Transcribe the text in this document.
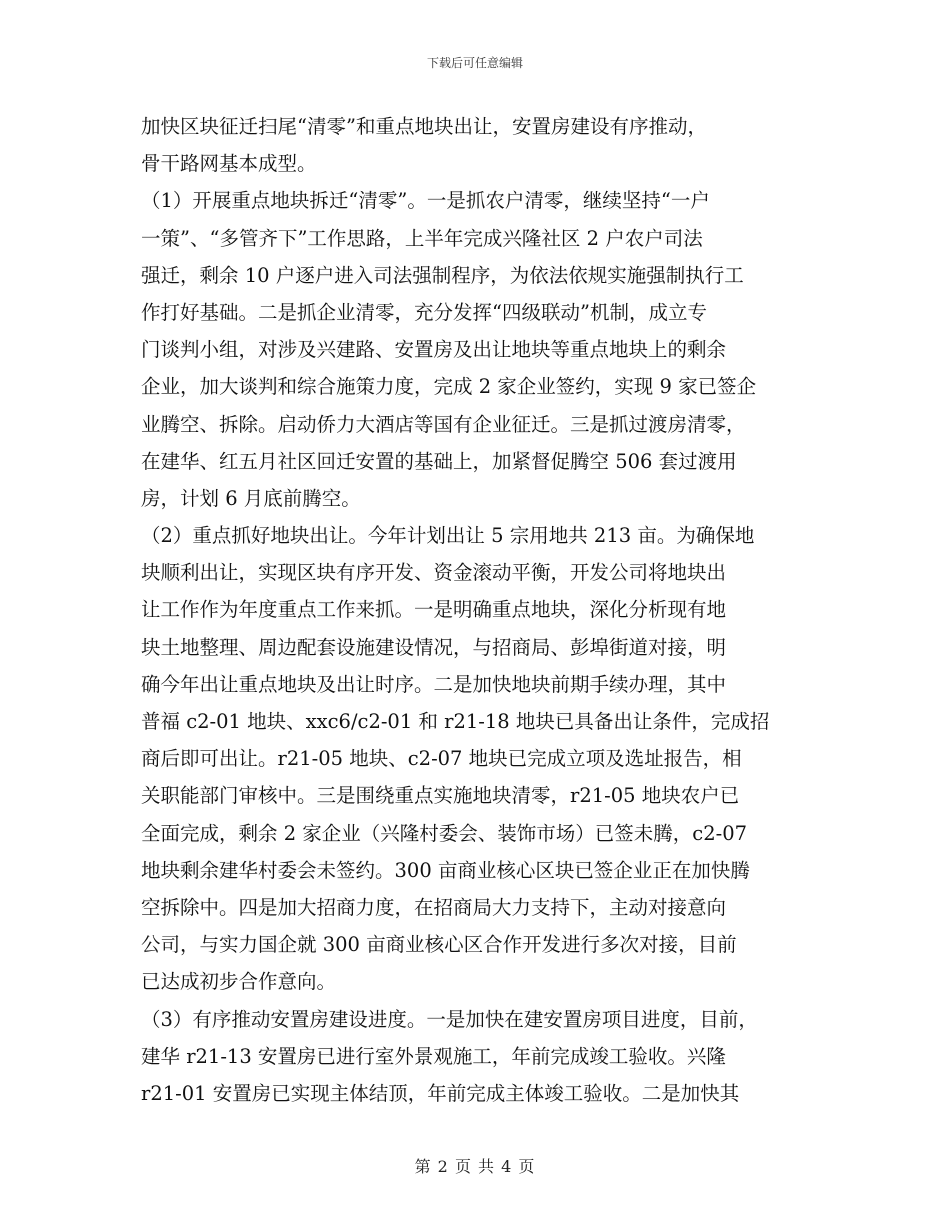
下载后可任意编辑
加快区块征迁扫尾“清零”和重点地块出让，安置房建设有序推动，
骨干路网基本成型。
（1）开展重点地块拆迁“清零”。一是抓农户清零，继续坚持“一户
一策”、“多管齐下”工作思路，上半年完成兴隆社区 2 户农户司法
强迁，剩余 10 户逐户进入司法强制程序，为依法依规实施强制执行工
作打好基础。二是抓企业清零，充分发挥“四级联动”机制，成立专
门谈判小组，对涉及兴建路、安置房及出让地块等重点地块上的剩余
企业，加大谈判和综合施策力度，完成 2 家企业签约，实现 9 家已签企
业腾空、拆除。启动侨力大酒店等国有企业征迁。三是抓过渡房清零，
在建华、红五月社区回迁安置的基础上，加紧督促腾空 506 套过渡用
房，计划 6 月底前腾空。
（2）重点抓好地块出让。今年计划出让 5 宗用地共 213 亩。为确保地
块顺利出让，实现区块有序开发、资金滚动平衡，开发公司将地块出
让工作作为年度重点工作来抓。一是明确重点地块，深化分析现有地
块土地整理、周边配套设施建设情况，与招商局、彭埠街道对接，明
确今年出让重点地块及出让时序。二是加快地块前期手续办理，其中
普福 c2-01 地块、xxc6/c2-01 和 r21-18 地块已具备出让条件，完成招
商后即可出让。r21-05 地块、c2-07 地块已完成立项及选址报告，相
关职能部门审核中。三是围绕重点实施地块清零，r21-05 地块农户已
全面完成，剩余 2 家企业（兴隆村委会、装饰市场）已签未腾，c2-07
地块剩余建华村委会未签约。300 亩商业核心区块已签企业正在加快腾
空拆除中。四是加大招商力度，在招商局大力支持下，主动对接意向
公司，与实力国企就 300 亩商业核心区合作开发进行多次对接，目前
已达成初步合作意向。
（3）有序推动安置房建设进度。一是加快在建安置房项目进度，目前，
建华 r21-13 安置房已进行室外景观施工，年前完成竣工验收。兴隆
r21-01 安置房已实现主体结顶，年前完成主体竣工验收。二是加快其
第 2 页 共 4 页
